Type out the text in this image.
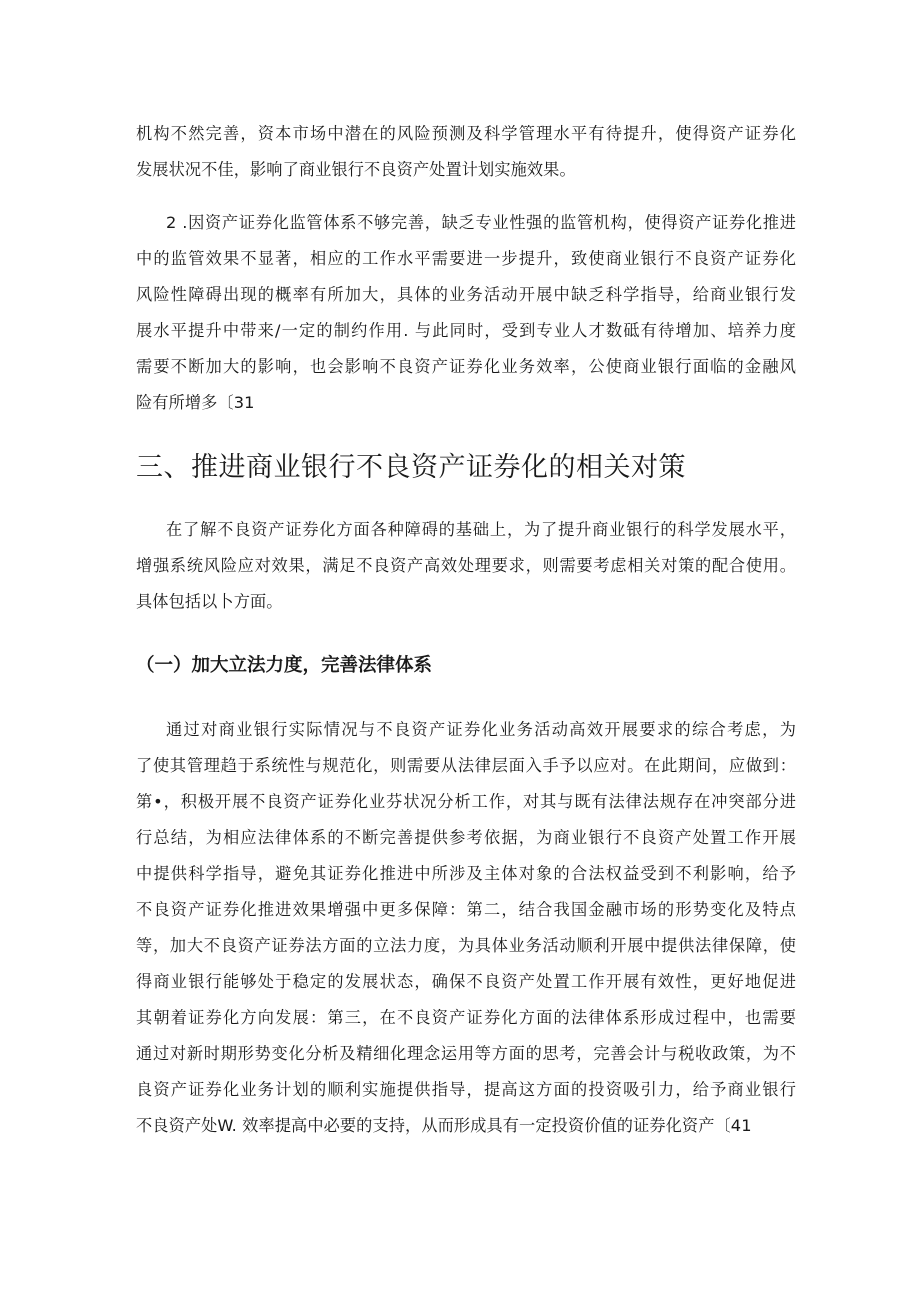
机构不然完善，资本市场中潜在的风险预测及科学管理水平有待提升，使得资产证券化
发展状况不佳，影响了商业银行不良资产处置计划实施效果。
2 .因资产证券化监管体系不够完善，缺乏专业性强的监管机构，使得资产证券化推进
中的监管效果不显著，相应的工作水平需要进一步提升，致使商业银行不良资产证券化
风险性障碍出现的概率有所加大，具体的业务活动开展中缺乏科学指导，给商业银行发
展水平提升中带来/一定的制约作用. 与此同时，受到专业人才数砥有待增加、培养力度
需要不断加大的影响，也会影响不良资产证券化业务效率，公使商业银行面临的金融风
险有所增多〔31
三、推进商业银行不良资产证券化的相关对策
在了解不良资产证券化方面各种障碍的基础上，为了提升商业银行的科学发展水平，
增强系统风险应对效果，满足不良资产高效处理要求，则需要考虑相关对策的配合使用。
具体包括以卜方面。
（一）加大立法力度，完善法律体系
通过对商业银行实际情况与不良资产证券化业务活动高效开展要求的综合考虑，为
了使其管理趋于系统性与规范化，则需要从法律层面入手予以应对。在此期间，应做到：
第•，积极开展不良资产证券化业芬状况分析工作，对其与既有法律法规存在冲突部分进
行总结，为相应法律体系的不断完善提供参考依据，为商业银行不良资产处置工作开展
中提供科学指导，避免其证券化推进中所涉及主体对象的合法权益受到不利影响，给予
不良资产证券化推进效果增强中更多保障：第二，结合我国金融市场的形势变化及特点
等，加大不良资产证券法方面的立法力度，为具体业务活动顺利开展中提供法律保障，使
得商业银行能够处于稳定的发展状态，确保不良资产处置工作开展有效性，更好地促进
其朝着证券化方向发展：第三，在不良资产证券化方面的法律体系形成过程中，也需要
通过对新时期形势变化分析及精细化理念运用等方面的思考，完善会计与税收政策，为不
良资产证券化业务计划的顺利实施提供指导，提高这方面的投资吸引力，给予商业银行
不良资产处W. 效率提高中必要的支持，从而形成具有一定投资价值的证券化资产〔41
